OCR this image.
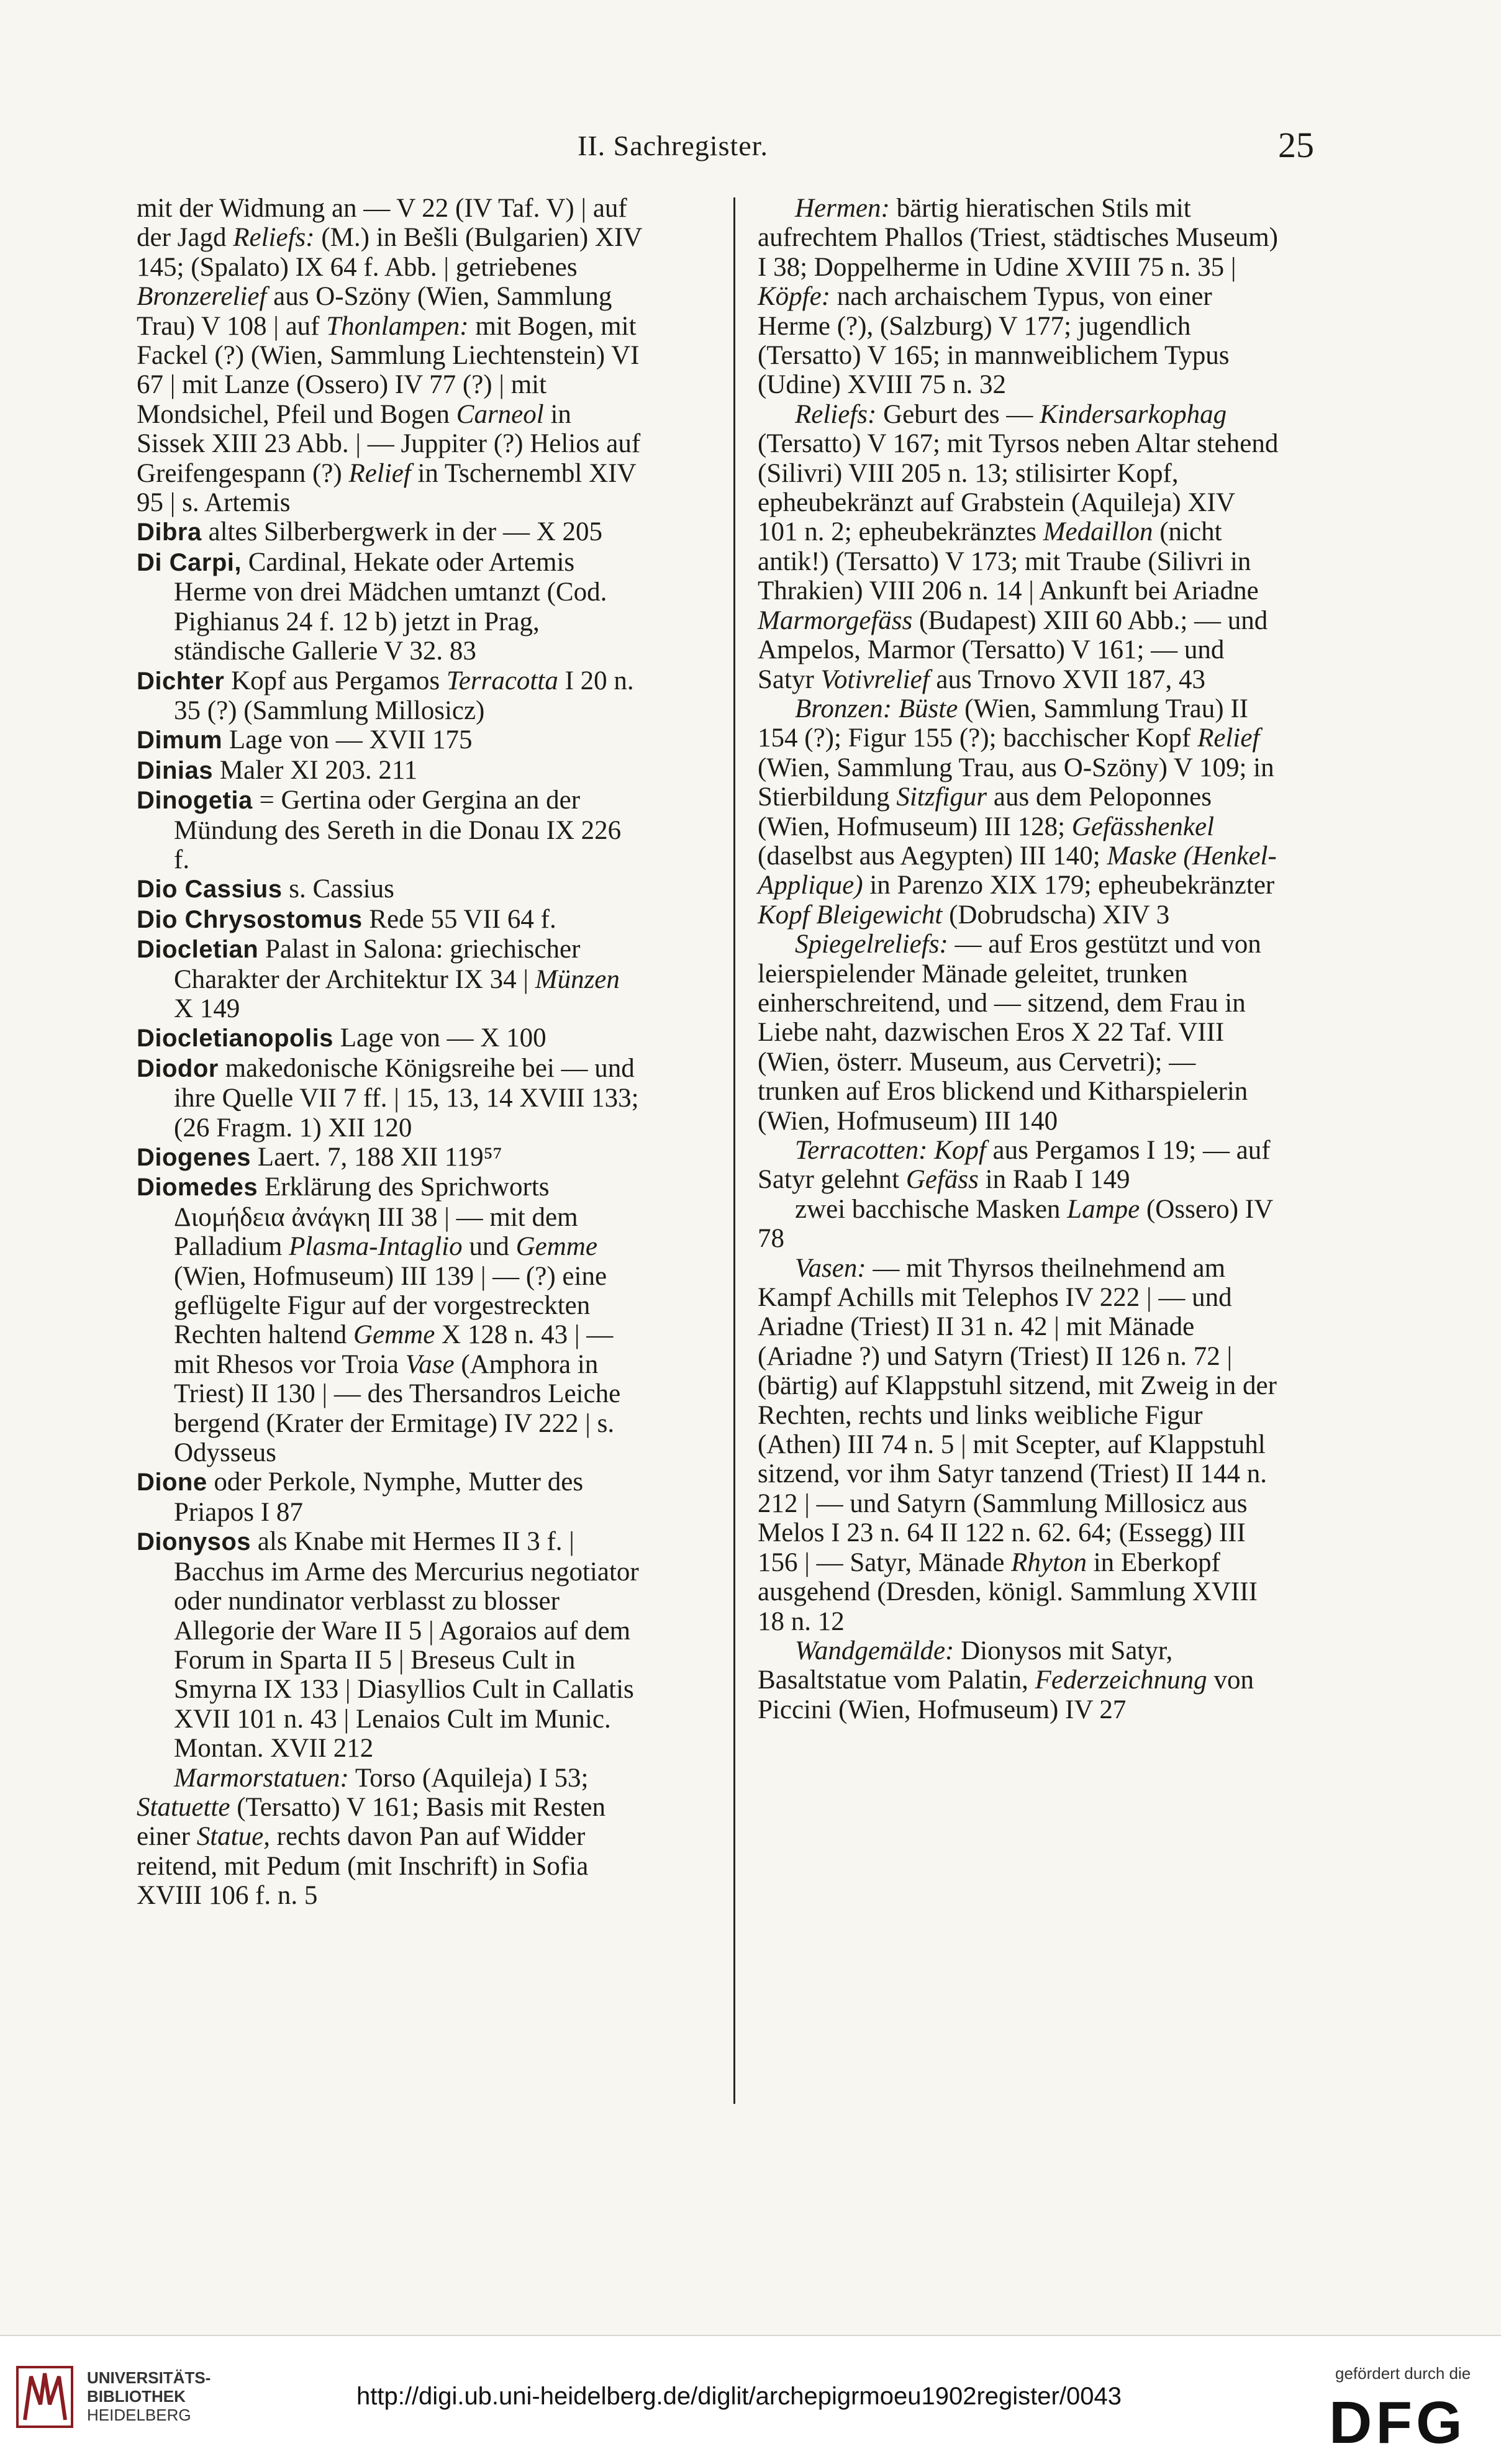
II. Sachregister.	25

mit der Widmung an — V 22 (IV Taf. V) | auf der Jagd Reliefs: (M.) in Bešli (Bulgarien) XIV 145; (Spalato) IX 64 f. Abb. | getriebenes Bronzerelief aus O-Szöny (Wien, Sammlung Trau) V 108 | auf Thonlampen: mit Bogen, mit Fackel (?) (Wien, Sammlung Liechtenstein) VI 67 | mit Lanze (Ossero) IV 77 (?) | mit Mondsichel, Pfeil und Bogen Carneol in Sissek XIII 23 Abb. | — Juppiter (?) Helios auf Greifengespann (?) Relief in Tschernembl XIV 95 | s. Artemis

Dibra altes Silberbergwerk in der — X 205

Di Carpi, Cardinal, Hekate oder Artemis Herme von drei Mädchen umtanzt (Cod. Pighianus 24 f. 12 b) jetzt in Prag, ständische Gallerie V 32. 83

Dichter Kopf aus Pergamos Terracotta I 20 n. 35 (?) (Sammlung Millosicz)

Dimum Lage von — XVII 175

Dinias Maler XI 203. 211

Dinogetia = Gertina oder Gergina an der Mündung des Sereth in die Donau IX 226 f.

Dio Cassius s. Cassius

Dio Chrysostomus Rede 55 VII 64 f.

Diocletian Palast in Salona: griechischer Charakter der Architektur IX 34 | Münzen X 149

Diocletianopolis Lage von — X 100

Diodor makedonische Königsreihe bei — und ihre Quelle VII 7 ff. | 15, 13, 14 XVIII 133; (26 Fragm. 1) XII 120

Diogenes Laert. 7, 188 XII 119⁵⁷

Diomedes Erklärung des Sprichworts Διομήδεια ἀνάγκη III 38 | — mit dem Palladium Plasma-Intaglio und Gemme (Wien, Hofmuseum) III 139 | — (?) eine geflügelte Figur auf der vorgestreckten Rechten haltend Gemme X 128 n. 43 | — mit Rhesos vor Troia Vase (Amphora in Triest) II 130 | — des Thersandros Leiche bergend (Krater der Ermitage) IV 222 | s. Odysseus

Dione oder Perkole, Nymphe, Mutter des Priapos I 87

Dionysos als Knabe mit Hermes II 3 f. | Bacchus im Arme des Mercurius negotiator oder nundinator verblasst zu blosser Allegorie der Ware II 5 | Agoraios auf dem Forum in Sparta II 5 | Breseus Cult in Smyrna IX 133 | Diasyllios Cult in Callatis XVII 101 n. 43 | Lenaios Cult im Munic. Montan. XVII 212

Marmorstatuen: Torso (Aquileja) I 53; Statuette (Tersatto) V 161; Basis mit Resten einer Statue, rechts davon Pan auf Widder reitend, mit Pedum (mit Inschrift) in Sofia XVIII 106 f. n. 5

Hermen: bärtig hieratischen Stils mit aufrechtem Phallos (Triest, städtisches Museum) I 38; Doppelherme in Udine XVIII 75 n. 35 | Köpfe: nach archaischem Typus, von einer Herme (?), (Salzburg) V 177; jugendlich (Tersatto) V 165; in mannweiblichem Typus (Udine) XVIII 75 n. 32

Reliefs: Geburt des — Kindersarkophag (Tersatto) V 167; mit Tyrsos neben Altar stehend (Silivri) VIII 205 n. 13; stilisirter Kopf, epheubekränzt auf Grabstein (Aquileja) XIV 101 n. 2; epheubekränztes Medaillon (nicht antik!) (Tersatto) V 173; mit Traube (Silivri in Thrakien) VIII 206 n. 14 | Ankunft bei Ariadne Marmorgefäss (Budapest) XIII 60 Abb.; — und Ampelos, Marmor (Tersatto) V 161; — und Satyr Votivrelief aus Trnovo XVII 187, 43

Bronzen: Büste (Wien, Sammlung Trau) II 154 (?); Figur 155 (?); bacchischer Kopf Relief (Wien, Sammlung Trau, aus O-Szöny) V 109; in Stierbildung Sitzfigur aus dem Peloponnes (Wien, Hofmuseum) III 128; Gefässhenkel (daselbst aus Aegypten) III 140; Maske (Henkel-Applique) in Parenzo XIX 179; epheubekränzter Kopf Bleigewicht (Dobrudscha) XIV 3

Spiegelreliefs: — auf Eros gestützt und von leierspielender Mänade geleitet, trunken einherschreitend, und — sitzend, dem Frau in Liebe naht, dazwischen Eros X 22 Taf. VIII (Wien, österr. Museum, aus Cervetri); — trunken auf Eros blickend und Kitharspielerin (Wien, Hofmuseum) III 140

Terracotten: Kopf aus Pergamos I 19; — auf Satyr gelehnt Gefäss in Raab I 149

zwei bacchische Masken Lampe (Ossero) IV 78

Vasen: — mit Thyrsos theilnehmend am Kampf Achills mit Telephos IV 222 | — und Ariadne (Triest) II 31 n. 42 | mit Mänade (Ariadne ?) und Satyrn (Triest) II 126 n. 72 | (bärtig) auf Klappstuhl sitzend, mit Zweig in der Rechten, rechts und links weibliche Figur (Athen) III 74 n. 5 | mit Scepter, auf Klappstuhl sitzend, vor ihm Satyr tanzend (Triest) II 144 n. 212 | — und Satyrn (Sammlung Millosicz aus Melos I 23 n. 64 II 122 n. 62. 64; (Essegg) III 156 | — Satyr, Mänade Rhyton in Eberkopf ausgehend (Dresden, königl. Sammlung XVIII 18 n. 12

Wandgemälde: Dionysos mit Satyr, Basaltstatue vom Palatin, Federzeichnung von Piccini (Wien, Hofmuseum) IV 27

UNIVERSITÄTS-
BIBLIOTHEK
HEIDELBERG
http://digi.ub.uni-heidelberg.de/diglit/archepigrmoeu1902register/0043
gefördert durch die
DFG
